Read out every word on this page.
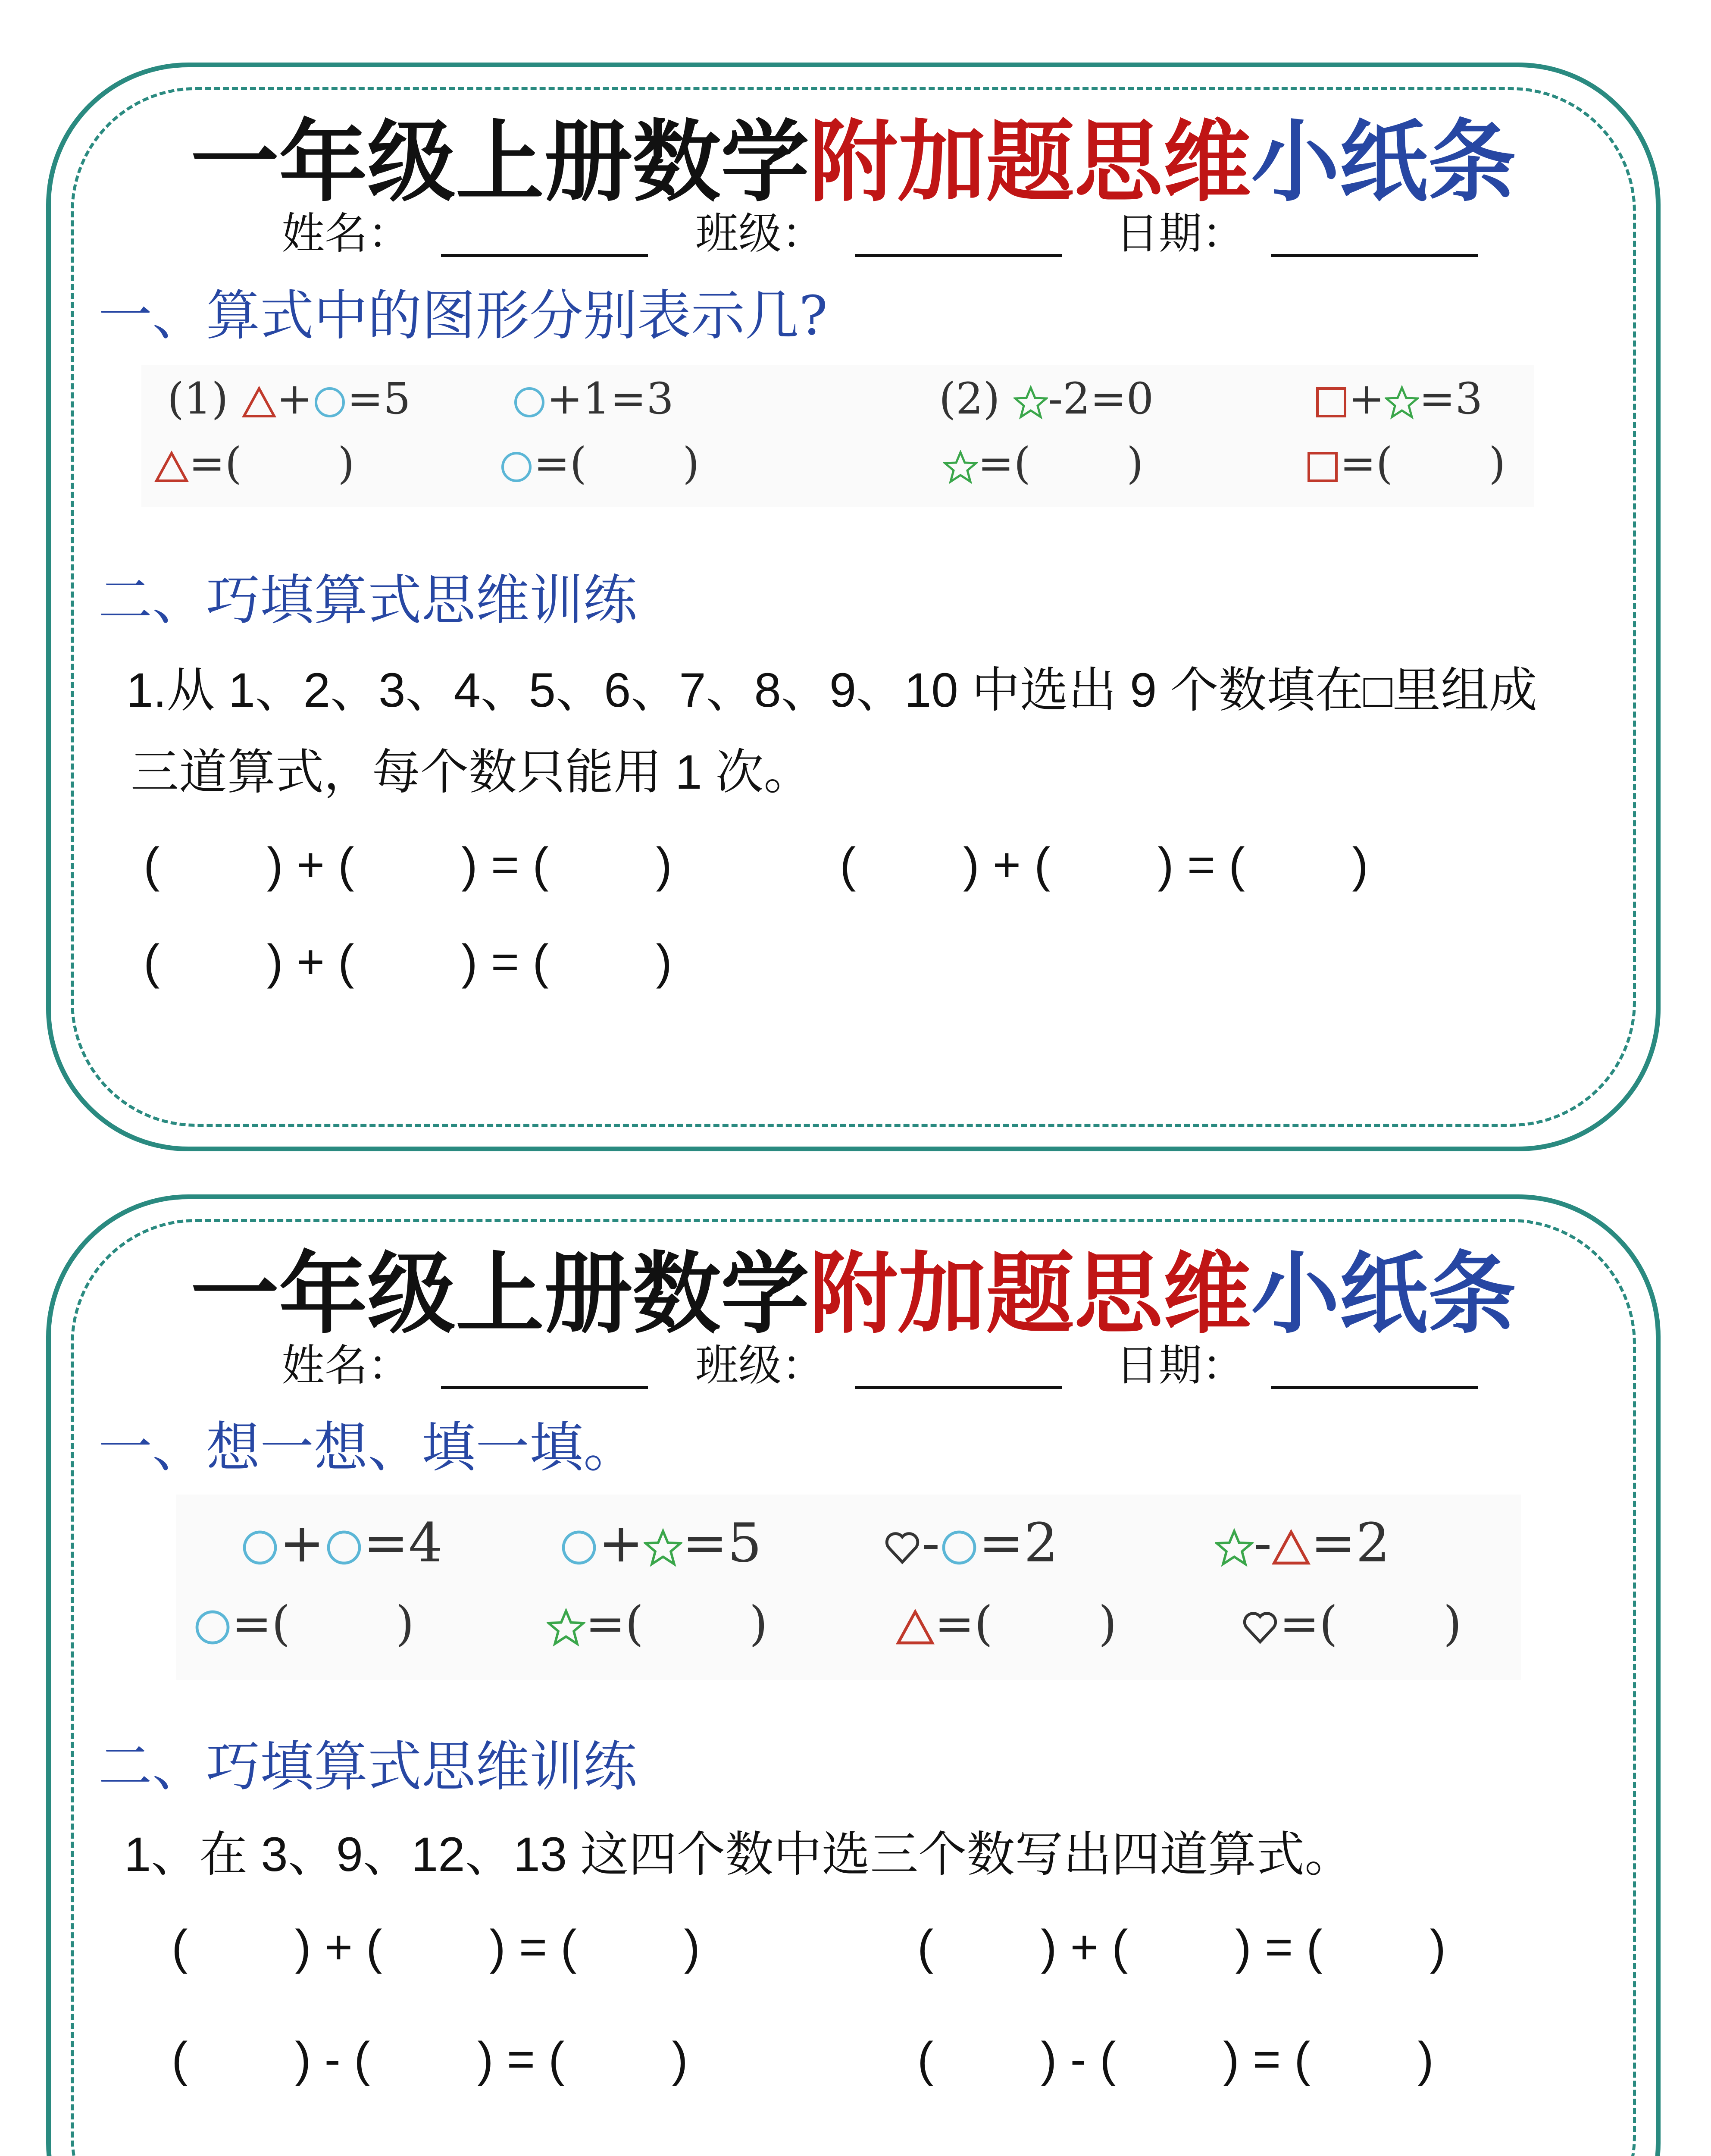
一年级上册数学附加题思维小纸条
姓名：	班级：	日期：
一、算式中的图形分别表示几?
(1) + =5	+1=3	(2) -2=0	+ =3
=(       )	=(       )	=(       )	=(       )
二、巧填算式思维训练
1.从 1、2、3、4、5、6、7、8、9、10 中选出 9 个数填在□里组成
三道算式，每个数只能用 1 次。
(        ) + (        ) = (        )	(        ) + (        ) = (        )
(        ) + (        ) = (        )
一年级上册数学附加题思维小纸条
姓名：	班级：	日期：
一、想一想、填一填。
+ =4	+ =5	- =2	- =2
=(       )	=(       )	=(       )	=(       )
二、巧填算式思维训练
1、在 3、9、12、13 这四个数中选三个数写出四道算式。
(        ) + (        ) = (        )	(        ) + (        ) = (        )
(        ) - (        ) = (        )	(        ) - (        ) = (        )
